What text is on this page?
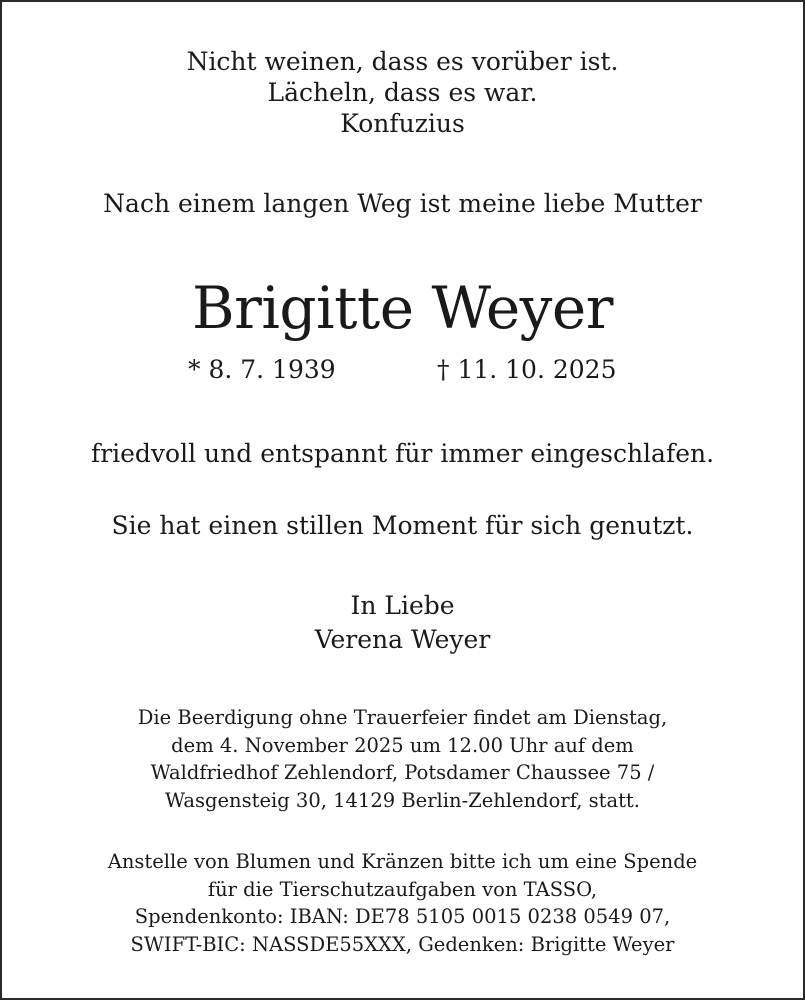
Nicht weinen, dass es vorüber ist.
Lächeln, dass es war.
Konfuzius
Nach einem langen Weg ist meine liebe Mutter
Brigitte Weyer
* 8. 7. 1939	† 11. 10. 2025
friedvoll und entspannt für immer eingeschlafen.
Sie hat einen stillen Moment für sich genutzt.
In Liebe
Verena Weyer
Die Beerdigung ohne Trauerfeier findet am Dienstag,
dem 4. November 2025 um 12.00 Uhr auf dem
Waldfriedhof Zehlendorf, Potsdamer Chaussee 75 /
Wasgensteig 30, 14129 Berlin-Zehlendorf, statt.
Anstelle von Blumen und Kränzen bitte ich um eine Spende
für die Tierschutzaufgaben von TASSO,
Spendenkonto: IBAN: DE78 5105 0015 0238 0549 07,
SWIFT-BIC: NASSDE55XXX, Gedenken: Brigitte Weyer
